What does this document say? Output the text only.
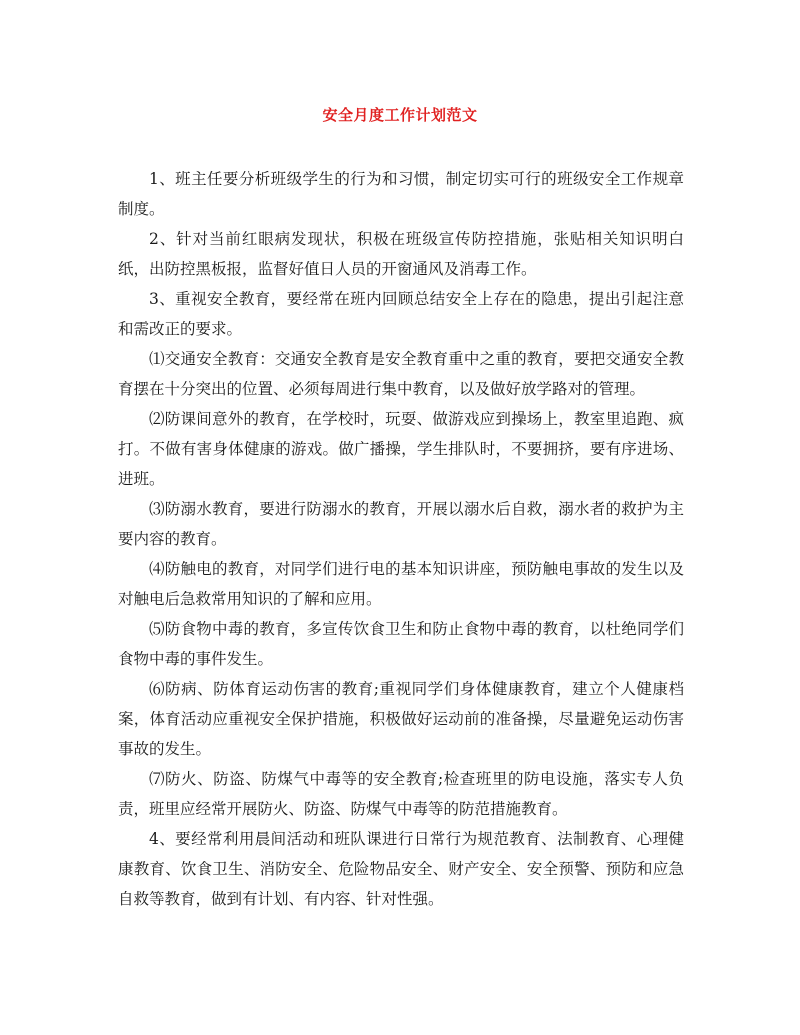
安全月度工作计划范文

1、班主任要分析班级学生的行为和习惯，制定切实可行的班级安全工作规章制度。

2、针对当前红眼病发现状，积极在班级宣传防控措施，张贴相关知识明白纸，出防控黑板报，监督好值日人员的开窗通风及消毒工作。

3、重视安全教育，要经常在班内回顾总结安全上存在的隐患，提出引起注意和需改正的要求。

⑴交通安全教育：交通安全教育是安全教育重中之重的教育，要把交通安全教育摆在十分突出的位置、必须每周进行集中教育，以及做好放学路对的管理。

⑵防课间意外的教育，在学校时，玩耍、做游戏应到操场上，教室里追跑、疯打。不做有害身体健康的游戏。做广播操，学生排队时，不要拥挤，要有序进场、进班。

⑶防溺水教育，要进行防溺水的教育，开展以溺水后自救，溺水者的救护为主要内容的教育。

⑷防触电的教育，对同学们进行电的基本知识讲座，预防触电事故的发生以及对触电后急救常用知识的了解和应用。

⑸防食物中毒的教育，多宣传饮食卫生和防止食物中毒的教育，以杜绝同学们食物中毒的事件发生。

⑹防病、防体育运动伤害的教育;重视同学们身体健康教育，建立个人健康档案，体育活动应重视安全保护措施，积极做好运动前的准备操，尽量避免运动伤害事故的发生。

⑺防火、防盗、防煤气中毒等的安全教育;检查班里的防电设施，落实专人负责，班里应经常开展防火、防盗、防煤气中毒等的防范措施教育。

4、要经常利用晨间活动和班队课进行日常行为规范教育、法制教育、心理健康教育、饮食卫生、消防安全、危险物品安全、财产安全、安全预警、预防和应急自救等教育，做到有计划、有内容、针对性强。
